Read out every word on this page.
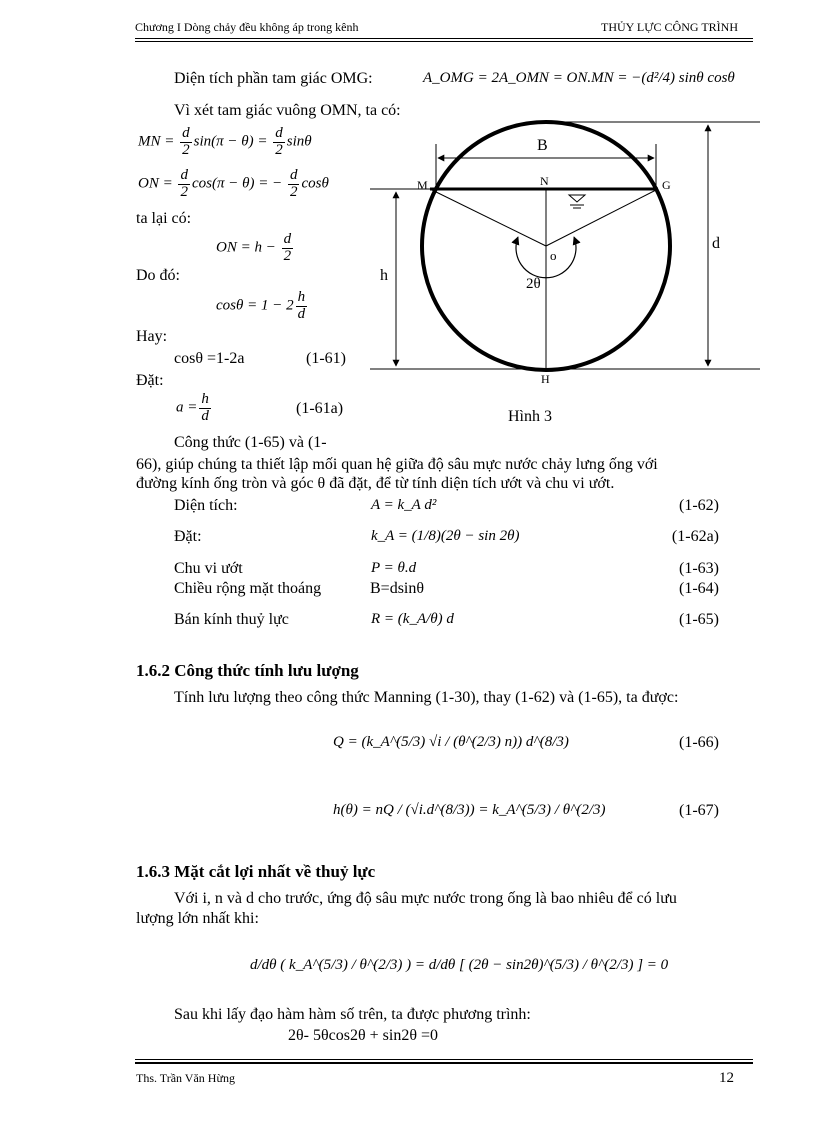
Chương I Dòng chảy đều không áp trong kênh	THỦY LỰC CÔNG TRÌNH
Diện tích phần tam giác OMG:	A_OMG = 2A_OMN = ON.MN = −(d²/4) sinθ cosθ
Vì xét tam giác vuông OMN, ta có:
MN = $\frac{d}{2} \sin(\pi - \theta) = \frac{d}{2}$ sinθ
ON = $\frac{d}{2} \cos(\pi - \theta)$ = − $\frac{d}{2}$ cosθ
ta lại có:
ON = $h - \frac{d}{2}$
Do đó:
$\cos\theta = 1 - 2 \frac{h}{d}$
Hay:
cosθ =1-2a	(1-61)
Đặt:
$a = \frac{h}{d}$	(1-61a)
B
M	N	G
o
2θ
h
d
H
Hình 3
Công thức (1-65) và (1-
66), giúp chúng ta thiết lập mối quan hệ giữa độ sâu mực nước chảy lưng ống với
đường kính ống tròn và góc θ đã đặt, để từ tính diện tích ướt và chu vi ướt.
Diện tích:	A = k_A d²	(1-62)
Đặt:	k_A = (1/8)(2θ − sin 2θ)	(1-62a)
Chu vi ướt	P = θ.d	(1-63)
Chiều rộng mặt thoáng	B=dsinθ	(1-64)
Bán kính thuỷ lực	R = (k_A/θ) d	(1-65)
1.6.2 Công thức tính lưu lượng
Tính lưu lượng theo công thức Manning (1-30), thay (1-62) và (1-65), ta được:
Q = (k_A^(5/3) √i / (θ^(2/3) n)) d^(8/3)	(1-66)
h(θ) = nQ / (√i.d^(8/3)) = k_A^(5/3) / θ^(2/3)	(1-67)
1.6.3 Mặt cắt lợi nhất về thuỷ lực
Với i, n và d cho trước, ứng độ sâu mực nước trong ống là bao nhiêu để có lưu
lượng lớn nhất khi:
d/dθ ( k_A^(5/3) / θ^(2/3) ) = d/dθ [ (2θ − sin2θ)^(5/3) / θ^(2/3) ] = 0
Sau khi lấy đạo hàm hàm số trên, ta được phương trình:
2θ- 5θcos2θ + sin2θ =0
Ths. Trần Văn Hừng	12
